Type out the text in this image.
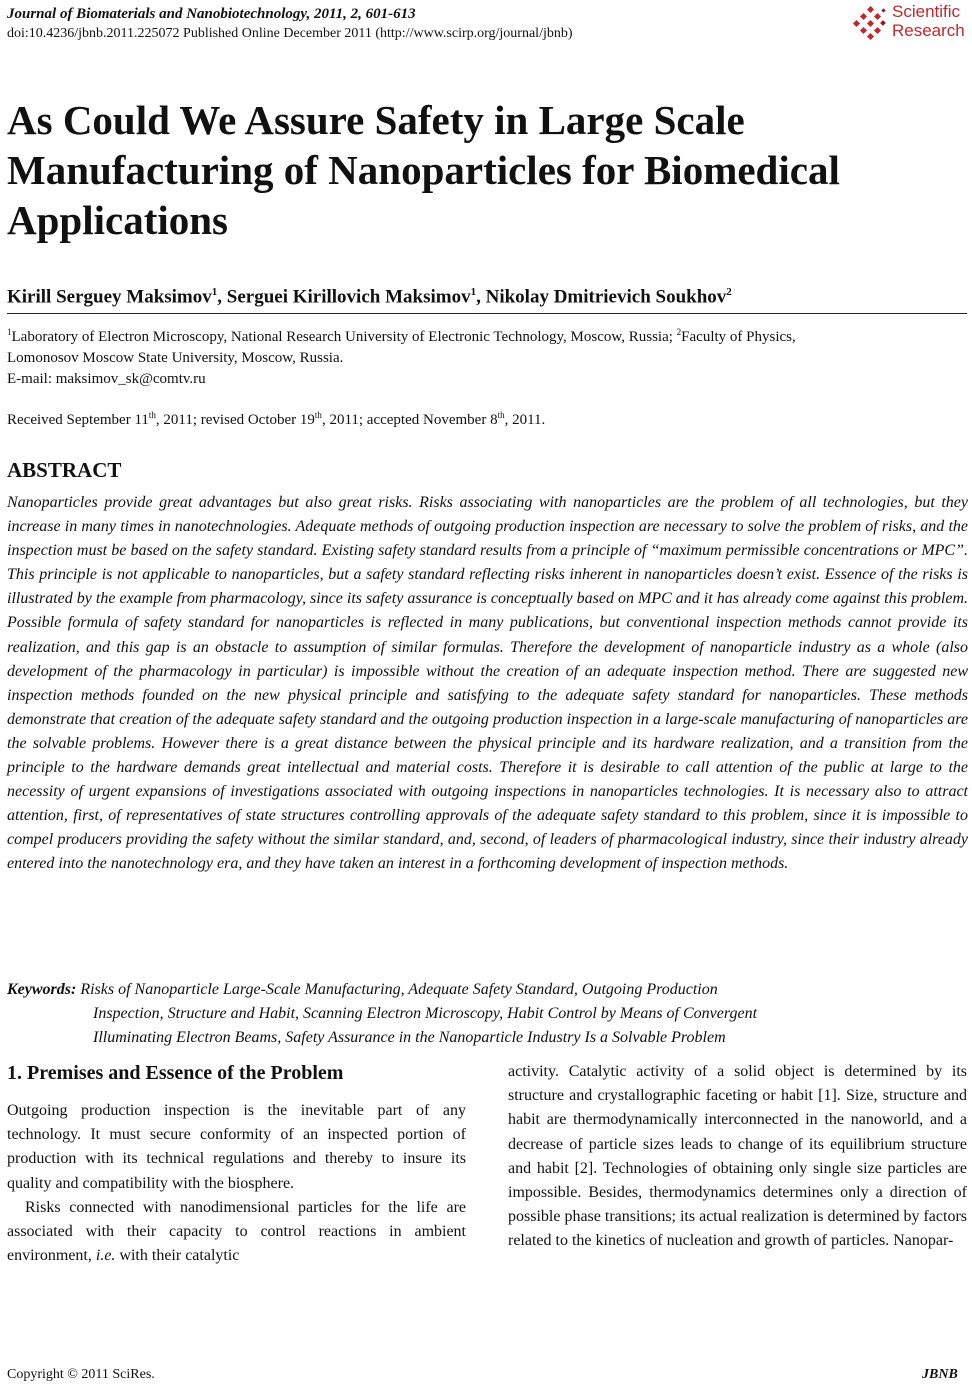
Journal of Biomaterials and Nanobiotechnology, 2011, 2, 601-613
doi:10.4236/jbnb.2011.225072 Published Online December 2011 (http://www.scirp.org/journal/jbnb)
Scientific
Research
As Could We Assure Safety in Large Scale
Manufacturing of Nanoparticles for Biomedical
Applications
Kirill Serguey Maksimov$^1$, Serguei Kirillovich Maksimov$^1$, Nikolay Dmitrievich Soukhov$^2$
$^1$Laboratory of Electron Microscopy, National Research University of Electronic Technology, Moscow, Russia; $^2$Faculty of Physics,
Lomonosov Moscow State University, Moscow, Russia.
E-mail: maksimov_sk@comtv.ru
Received September 11th, 2011; revised October 19th, 2011; accepted November 8th, 2011.
ABSTRACT
Nanoparticles provide great advantages but also great risks. Risks associating with nanoparticles are the problem of all technologies, but they increase in many times in nanotechnologies. Adequate methods of outgoing production inspection are necessary to solve the problem of risks, and the inspection must be based on the safety standard. Existing safety standard results from a principle of “maximum permissible concentrations or MPC”. This principle is not applicable to nanoparticles, but a safety standard reflecting risks inherent in nanoparticles doesn’t exist. Essence of the risks is illustrated by the example from pharmacology, since its safety assurance is conceptually based on MPC and it has already come against this problem. Possible formula of safety standard for nanoparticles is reflected in many publications, but conventional inspection methods cannot provide its realization, and this gap is an obstacle to assumption of similar formulas. Therefore the development of nanoparticle industry as a whole (also development of the pharmacology in particular) is impossible without the creation of an adequate inspection method. There are suggested new inspection methods founded on the new physical principle and satisfying to the adequate safety standard for nanoparticles. These methods demonstrate that creation of the adequate safety standard and the outgoing production inspection in a large-scale manufacturing of nanoparticles are the solvable problems. However there is a great distance between the physical principle and its hardware realization, and a transition from the principle to the hardware demands great intellectual and material costs. Therefore it is desirable to call attention of the public at large to the necessity of urgent expansions of investigations associated with outgoing inspections in nanoparticles technologies. It is necessary also to attract attention, first, of representatives of state structures controlling approvals of the adequate safety standard to this problem, since it is impossible to compel producers providing the safety without the similar standard, and, second, of leaders of pharmacological industry, since their industry already entered into the nanotechnology era, and they have taken an interest in a forthcoming development of inspection methods.
Keywords: Risks of Nanoparticle Large-Scale Manufacturing, Adequate Safety Standard, Outgoing Production
Inspection, Structure and Habit, Scanning Electron Microscopy, Habit Control by Means of Convergent
Illuminating Electron Beams, Safety Assurance in the Nanoparticle Industry Is a Solvable Problem
1. Premises and Essence of the Problem

Outgoing production inspection is the inevitable part of any technology. It must secure conformity of an inspected portion of production with its technical regulations and thereby to insure its quality and compatibility with the biosphere.

Risks connected with nanodimensional particles for the life are associated with their capacity to control reactions in ambient environment, i.e. with their catalytic

activity. Catalytic activity of a solid object is determined by its structure and crystallographic faceting or habit [1]. Size, structure and habit are thermodynamically interconnected in the nanoworld, and a decrease of particle sizes leads to change of its equilibrium structure and habit [2]. Technologies of obtaining only single size particles are impossible. Besides, thermodynamics determines only a direction of possible phase transitions; its actual realization is determined by factors related to the kinetics of nucleation and growth of particles. Nanopar-

Copyright © 2011 SciRes.	JBNB
